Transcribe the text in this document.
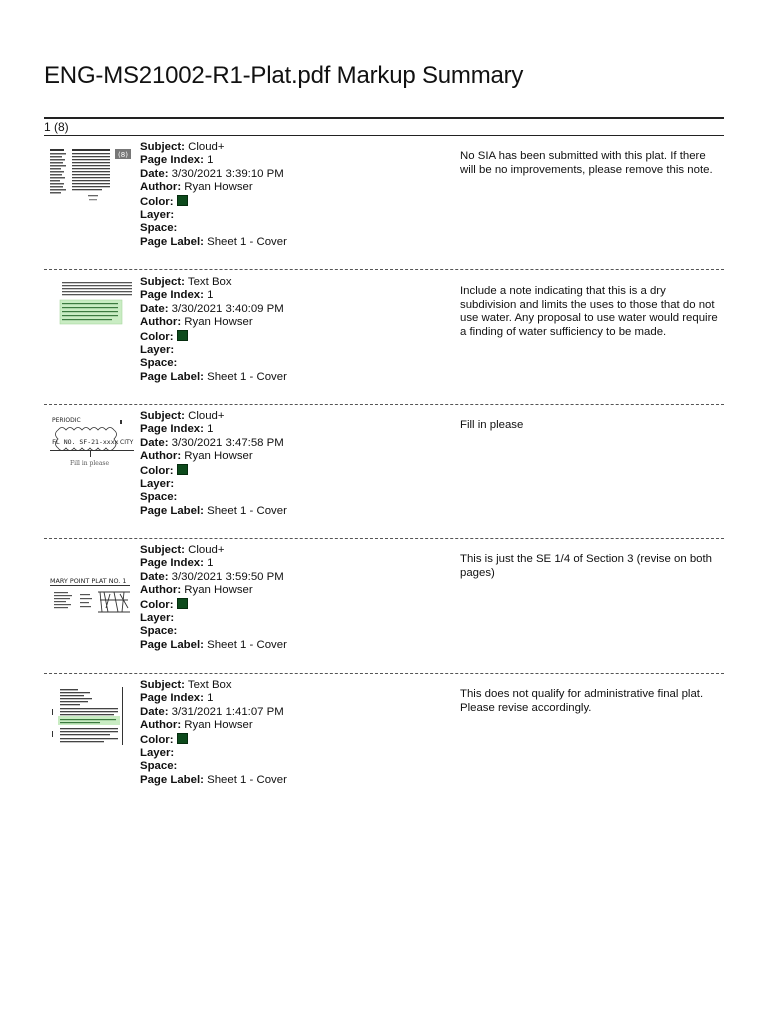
ENG-MS21002-R1-Plat.pdf Markup Summary
1 (8)
(8)
Subject: Cloud+
Page Index: 1
Date: 3/30/2021 3:39:10 PM
Author: Ryan Howser
Color:
Layer:
Space:
Page Label: Sheet 1 - Cover
No SIA has been submitted with this plat. If there will be no improvements, please remove this note.
Subject: Text Box
Page Index: 1
Date: 3/30/2021 3:40:09 PM
Author: Ryan Howser
Color:
Layer:
Space:
Page Label: Sheet 1 - Cover
Include a note indicating that this is a dry subdivision and limits the uses to those that do not use water. Any proposal to use water would require a finding of water sufficiency to be made.
PERIODIC
FL NO. SF-21-xxxx CITY
Fill in please
Subject: Cloud+
Page Index: 1
Date: 3/30/2021 3:47:58 PM
Author: Ryan Howser
Color:
Layer:
Space:
Page Label: Sheet 1 - Cover
Fill in please
MARY POINT PLAT NO. 1
Subject: Cloud+
Page Index: 1
Date: 3/30/2021 3:59:50 PM
Author: Ryan Howser
Color:
Layer:
Space:
Page Label: Sheet 1 - Cover
This is just the SE 1/4 of Section 3 (revise on both pages)
Subject: Text Box
Page Index: 1
Date: 3/31/2021 1:41:07 PM
Author: Ryan Howser
Color:
Layer:
Space:
Page Label: Sheet 1 - Cover
This does not qualify for administrative final plat. Please revise accordingly.
